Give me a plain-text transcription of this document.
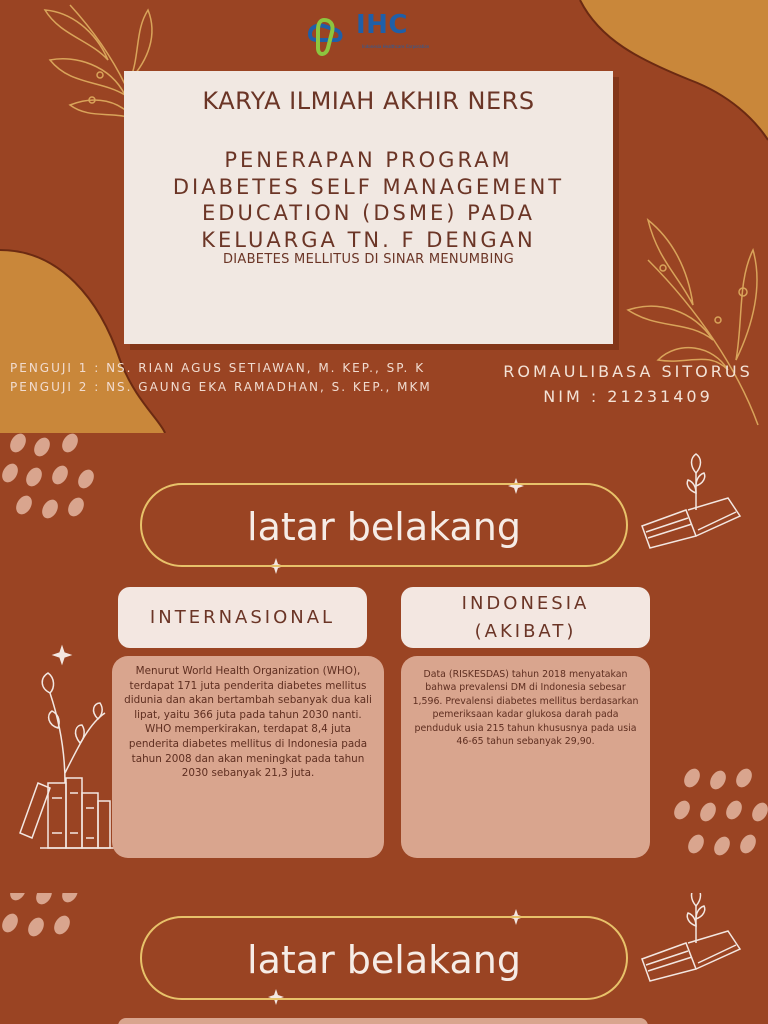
IHC
Indonesia Healthcare Corporation
KARYA ILMIAH AKHIR NERS
PENERAPAN PROGRAM
DIABETES SELF MANAGEMENT
EDUCATION (DSME) PADA
KELUARGA TN. F DENGAN
DIABETES MELLITUS DI SINAR MENUMBING
PENGUJI 1 : NS. RIAN AGUS SETIAWAN, M. KEP., SP. K
PENGUJI 2 : NS. GAUNG EKA RAMADHAN, S. KEP., MKM
ROMAULIBASA SITORUS
NIM : 21231409
latar belakang
INTERNASIONAL
INDONESIA
(AKIBAT)
Menurut World Health Organization (WHO), terdapat 171 juta penderita diabetes mellitus didunia dan akan bertambah sebanyak dua kali lipat, yaitu 366 juta pada tahun 2030 nanti. WHO memperkirakan, terdapat 8,4 juta penderita diabetes mellitus di Indonesia pada tahun 2008 dan akan meningkat pada tahun 2030 sebanyak 21,3 juta.
Data (RISKESDAS) tahun 2018 menyatakan bahwa prevalensi DM di Indonesia sebesar 1,596. Prevalensi diabetes mellitus berdasarkan pemeriksaan kadar glukosa darah pada penduduk usia 215 tahun khususnya pada usia 46-65 tahun sebanyak 29,90.
latar belakang
